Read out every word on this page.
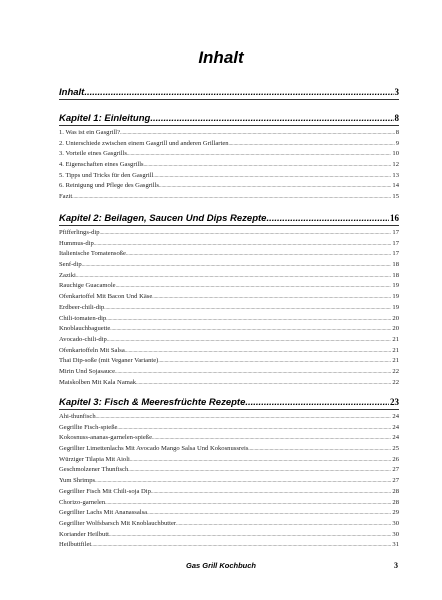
Inhalt
Inhalt .....	3
Kapitel 1: Einleitung .....	8
1. Was ist ein Gasgrill? .....	8
2. Unterschiede zwischen einem Gasgrill und anderen Grillarten .....	9
3. Vorteile eines Gasgrills .....	10
4. Eigenschaften eines Gasgrills .....	12
5. Tipps und Tricks für den Gasgrill .....	13
6. Reinigung und Pflege des Gasgrills .....	14
Fazit .....	15
Kapitel 2: Beilagen, Saucen Und Dips Rezepte .....	16
Pfifferlings-dip .....	17
Hummus-dip .....	17
Italienische Tomatensoße .....	17
Senf-dip .....	18
Zaziki .....	18
Rauchige Guacamole .....	19
Ofenkartoffel Mit Bacon Und Käse .....	19
Erdbeer-chili-dip .....	19
Chili-tomaten-dip .....	20
Knoblauchbaguette .....	20
Avocado-chili-dip .....	21
Ofenkartoffeln Mit Salsa .....	21
Thai Dip-soße (mit Veganer Variante) .....	21
Mirin Und Sojasauce .....	22
Maiskolben Mit Kala Namak .....	22
Kapitel 3: Fisch & Meeresfrüchte Rezepte .....	23
Ahi-thunfisch .....	24
Gegrillte Fisch-spieße .....	24
Kokosnuss-ananas-garnelen-spieße .....	24
Gegrillter Limettenlachs Mit Avocado Mango Salsa Und Kokosnussreis .....	25
Würziger Tilapia Mit Aioli .....	26
Geschmolzener Thunfisch .....	27
Yum Shrimps .....	27
Gegrillter Fisch Mit Chili-soja Dip .....	28
Chorizo-garnelen .....	28
Gegrillter Lachs Mit Ananassalsa .....	29
Gegrillter Wolfsbarsch Mit Knoblauchbutter .....	30
Koriander Heilbutt .....	30
Heilbuttfilet .....	31
Gas Grill Kochbuch	3
